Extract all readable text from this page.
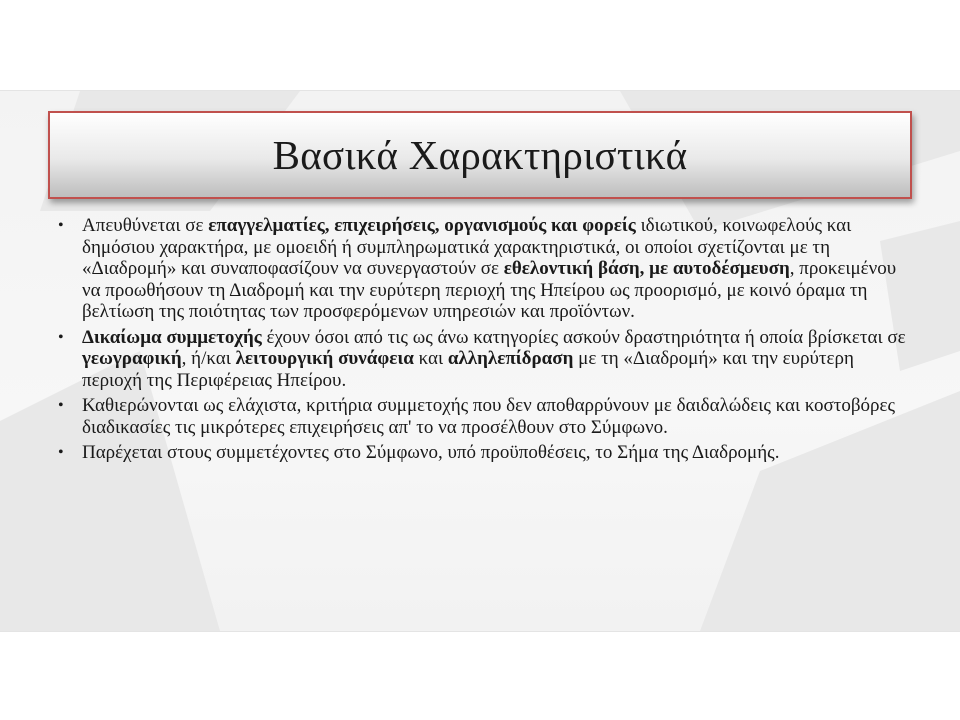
Βασικά Χαρακτηριστικά
• Απευθύνεται σε επαγγελματίες, επιχειρήσεις, οργανισμούς και φορείς ιδιωτικού, κοινωφελούς και δημόσιου χαρακτήρα, με ομοειδή ή συμπληρωματικά χαρακτηριστικά, οι οποίοι σχετίζονται με τη «Διαδρομή» και συναποφασίζουν να συνεργαστούν σε εθελοντική βάση, με αυτοδέσμευση, προκειμένου να προωθήσουν τη Διαδρομή και την ευρύτερη περιοχή της Ηπείρου ως προορισμό, με κοινό όραμα τη βελτίωση της ποιότητας των προσφερόμενων υπηρεσιών και προϊόντων.
• Δικαίωμα συμμετοχής έχουν όσοι από τις ως άνω κατηγορίες ασκούν δραστηριότητα ή οποία βρίσκεται σε γεωγραφική, ή/και λειτουργική συνάφεια και αλληλεπίδραση με τη «Διαδρομή» και την ευρύτερη περιοχή της Περιφέρειας Ηπείρου.
• Καθιερώνονται ως ελάχιστα, κριτήρια συμμετοχής που δεν αποθαρρύνουν με δαιδαλώδεις και κοστοβόρες διαδικασίες τις μικρότερες επιχειρήσεις απ' το να προσέλθουν στο Σύμφωνο.
• Παρέχεται στους συμμετέχοντες στο Σύμφωνο, υπό προϋποθέσεις, το Σήμα της Διαδρομής.
